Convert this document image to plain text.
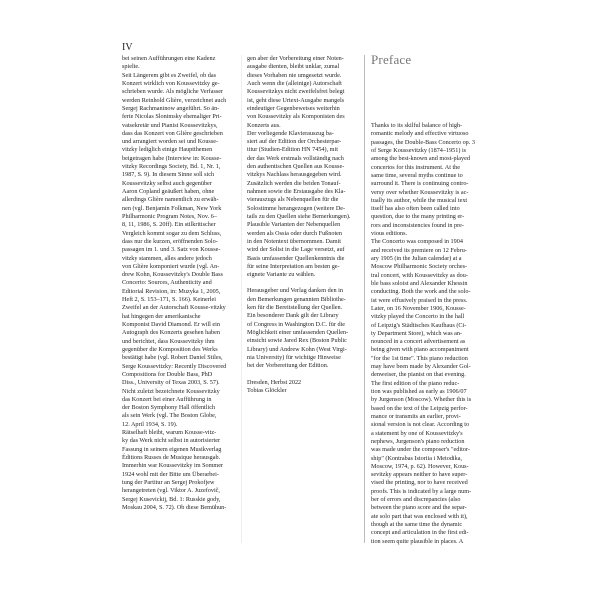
IV

bei seinen Aufführungen eine Kadenz

spielte.

Seit Längerem gibt es Zweifel, ob das

Konzert wirklich von Koussevitzky ge-

schrieben wurde. Als mögliche Verfasser

werden Reinhold Glière, verzeichnet auch

Sergej Rachmaninow angeführt. So än-

ferte Nicolas Slonimsky ehemaliger Pri-

vatsekretär und Pianist Koussevitzkys,

dass das Konzert von Glière geschrieben

und arrangiert worden sei und Kousse-

vitzky lediglich einige Hauptthemen

beigetragen habe (Interview in: Kousse-

vitzky Recordings Society, Bd. 1, Nr. 1,

1987, S. 9). In diesem Sinne soll sich

Koussevitzky selbst auch gegenüber

Aaron Copland geäußert haben, ohne

allerdings Glière namentlich zu erwäh-

nen (vgl. Benjamin Folkman, New York

Philharmonic Program Notes, Nov. 6–

8, 11, 1986, S. 20ff). Ein stilkritischer

Vergleich kommt sogar zu dem Schluss,

dass nur die kurzen, eröffnenden Solo-

passagen im 1. und 3. Satz von Kousse-

vitzky stammen, alles andere jedoch

von Glière komponiert wurde (vgl. An-

drew Kohn, Koussevitzky's Double Bass

Concerto: Sources, Authenticity and

Editorial Revision, in: Muzyka 1, 2005,

Heft 2, S. 153–171, S. 166). Keinerlei

Zweifel an der Autorschaft Kousse-vitzky

hat hingegen der amerikanische

Komponist David Diamond. Er will ein

Autograph des Konzerts gesehen haben

und berichtet, dass Koussevitzky ihm

gegenüber die Komposition des Werks

bestätigt habe (vgl. Robert Daniel Stiles,

Serge Koussevitzky: Recently Discovered

Compositions for Double Bass, PhD

Diss., University of Texas 2003, S. 57).

Nicht zuletzt bezeichnete Koussevitzky

das Konzert bei einer Aufführung in

der Boston Symphony Hall öffentlich

als sein Werk (vgl. The Boston Globe,

12. April 1934, S. 19).

Rätselhaft bleibt, warum Kousse-vitz-

ky das Werk nicht selbst in autorisierter

Fassung in seinem eigenen Musikverlag

Éditions Russes de Musique herausgab.

Immerhin war Koussevitzky im Sommer

1924 wohl mit der Bitte um Überarbei-

tung der Partitur an Sergej Prokofjew

herangetreten (vgl. Viktor A. Juzefovič,

Sergej Kusevickij, Bd. 1: Russkie gody,

Moskau 2004, S. 72). Ob diese Bemühun-

gen aber der Vorbereitung einer Noten-

ausgabe dienten, bleibt unklar, zumal

dieses Vorhaben nie umgesetzt wurde.

Auch wenn die (alleinige) Autorschaft

Koussevitzkys nicht zweifelsfrei belegt

ist, geht diese Urtext-Ausgabe mangels

eindeutiger Gegenbeweises weiterhin

von Koussevitzky als Komponisten des

Konzerts aus.

Der vorliegende Klavierauszug ba-

siert auf der Edition der Orchesterpar-

titur (Studien-Edition HN 7454), mit

der das Werk erstmals vollständig nach

den authentischen Quellen aus Kousse-

vitzkys Nachlass herausgegeben wird.

Zusätzlich werden die beiden Tonauf-

nahmen sowie die Erstausgabe des Kla-

vierauszugs als Nebenquellen für die

Solostimme herangezogen (weitere De-

tails zu den Quellen siehe Bemerkungen).

Plausible Varianten der Nebenquellen

werden als Ossia oder durch Fußnoten

in den Notentext übernommen. Damit

wird der Solist in die Lage versetzt, auf

Basis umfassender Quellenkenntnis die

für seine Interpretation am besten ge-

eignete Variante zu wählen.

Herausgeber und Verlag danken den in

den Bemerkungen genannten Bibliothe-

ken für die Bereitstellung der Quellen.

Ein besonderer Dank gilt der Library

of Congress in Washington D.C. für die

Möglichkeit einer umfassenden Quellen-

einsicht sowie Jared Rex (Boston Public

Library) und Andrew Kohn (West Virgi-

nia University) für wichtige Hinweise

bei der Vorbereitung der Edition.

Dresden, Herbst 2022

Tobias Glöckler

Preface

Thanks to its skilful balance of high-

romantic melody and effective virtuoso

passages, the Double-Bass Concerto op. 3

of Serge Koussevitzky (1874–1951) is

among the best-known and most-played

concertos for this instrument. At the

same time, several myths continue to

surround it. There is continuing contro-

versy over whether Koussevitzky is ac-

tually its author, while the musical text

itself has also often been called into

question, due to the many printing er-

rors and inconsistencies found in pre-

vious editions.

The Concerto was composed in 1904

and received its premiere on 12 Febru-

ary 1905 (in the Julian calendar) at a

Moscow Philharmonic Society orches-

tral concert, with Koussevitzky as dou-

ble bass soloist and Alexander Khessin

conducting. Both the work and the solo-

ist were effusively praised in the press.

Later, on 16 November 1906, Kousse-

vitzky played the Concerto in the hall

of Leipzig's Städtisches Kaufhaus (Ci-

ty Department Store), which was an-

nounced in a concert advertisement as

being given with piano accompaniment

"for the 1st time". This piano reduction

may have been made by Alexander Gol-

denweiser, the pianist on that evening.

The first edition of the piano reduc-

tion was published as early as 1906/07

by Jurgenson (Moscow). Whether this is

based on the text of the Leipzig perfor-

mance or transmits an earlier, provi-

sional version is not clear. According to

a statement by one of Koussevitzky's

nephews, Jurgenson's piano reduction

was made under the composer's "editor-

ship" (Kontrabas Istoriia i Metodika,

Moscow, 1974, p. 62). However, Kous-

sevitzky appears neither to have super-

vised the printing, nor to have received

proofs. This is indicated by a large num-

ber of errors and discrepancies (also

between the piano score and the separ-

ate solo part that was enclosed with it),

though at the same time the dynamic

concept and articulation in the first edi-

tion seem quite plausible in places. A
